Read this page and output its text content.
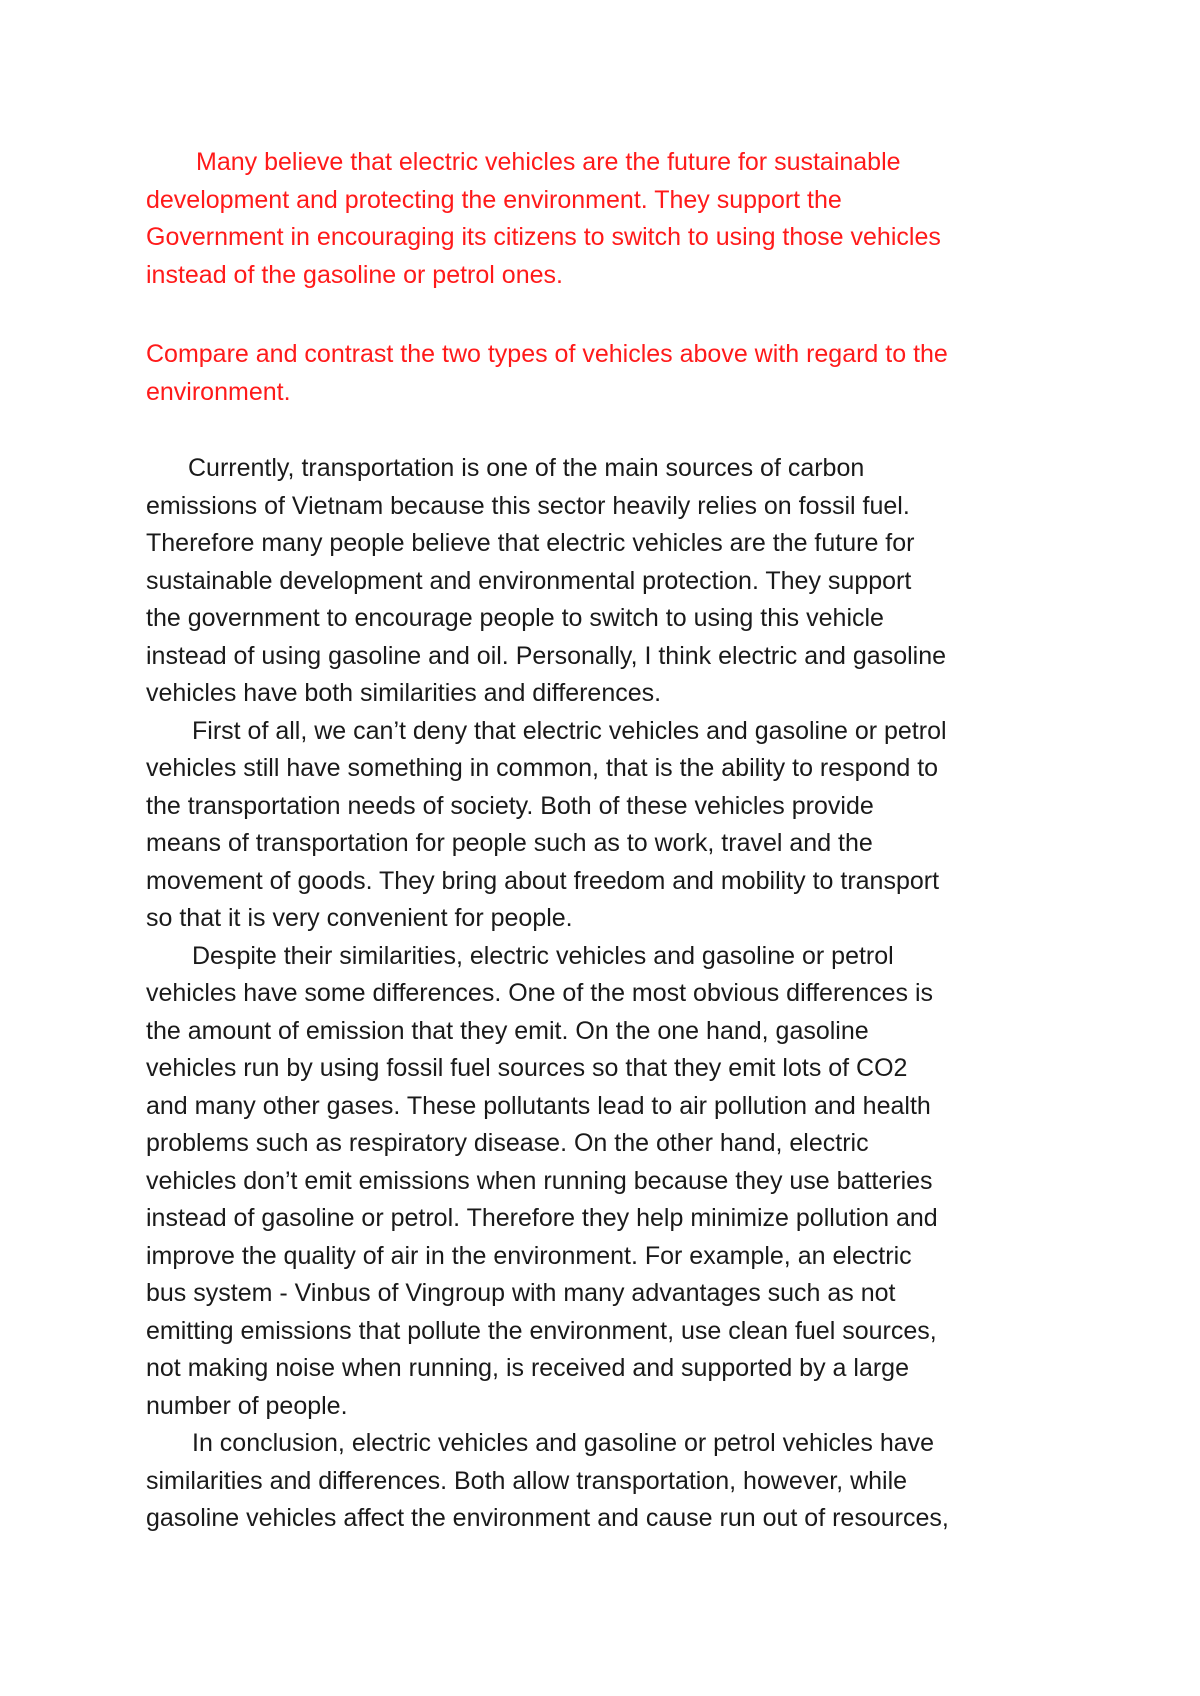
Many believe that electric vehicles are the future for sustainable
development and protecting the environment. They support the
Government in encouraging its citizens to switch to using those vehicles
instead of the gasoline or petrol ones.
Compare and contrast the two types of vehicles above with regard to the
environment.
Currently, transportation is one of the main sources of carbon
emissions of Vietnam because this sector heavily relies on fossil fuel.
Therefore many people believe that electric vehicles are the future for
sustainable development and environmental protection. They support
the government to encourage people to switch to using this vehicle
instead of using gasoline and oil. Personally, I think electric and gasoline
vehicles have both similarities and differences.
First of all, we can’t deny that electric vehicles and gasoline or petrol
vehicles still have something in common, that is the ability to respond to
the transportation needs of society. Both of these vehicles provide
means of transportation for people such as to work, travel and the
movement of goods. They bring about freedom and mobility to transport
so that it is very convenient for people.
Despite their similarities, electric vehicles and gasoline or petrol
vehicles have some differences. One of the most obvious differences is
the amount of emission that they emit. On the one hand, gasoline
vehicles run by using fossil fuel sources so that they emit lots of CO2
and many other gases. These pollutants lead to air pollution and health
problems such as respiratory disease. On the other hand, electric
vehicles don’t emit emissions when running because they use batteries
instead of gasoline or petrol. Therefore they help minimize pollution and
improve the quality of air in the environment. For example, an electric
bus system - Vinbus of Vingroup with many advantages such as not
emitting emissions that pollute the environment, use clean fuel sources,
not making noise when running, is received and supported by a large
number of people.
In conclusion, electric vehicles and gasoline or petrol vehicles have
similarities and differences. Both allow transportation, however, while
gasoline vehicles affect the environment and cause run out of resources,
